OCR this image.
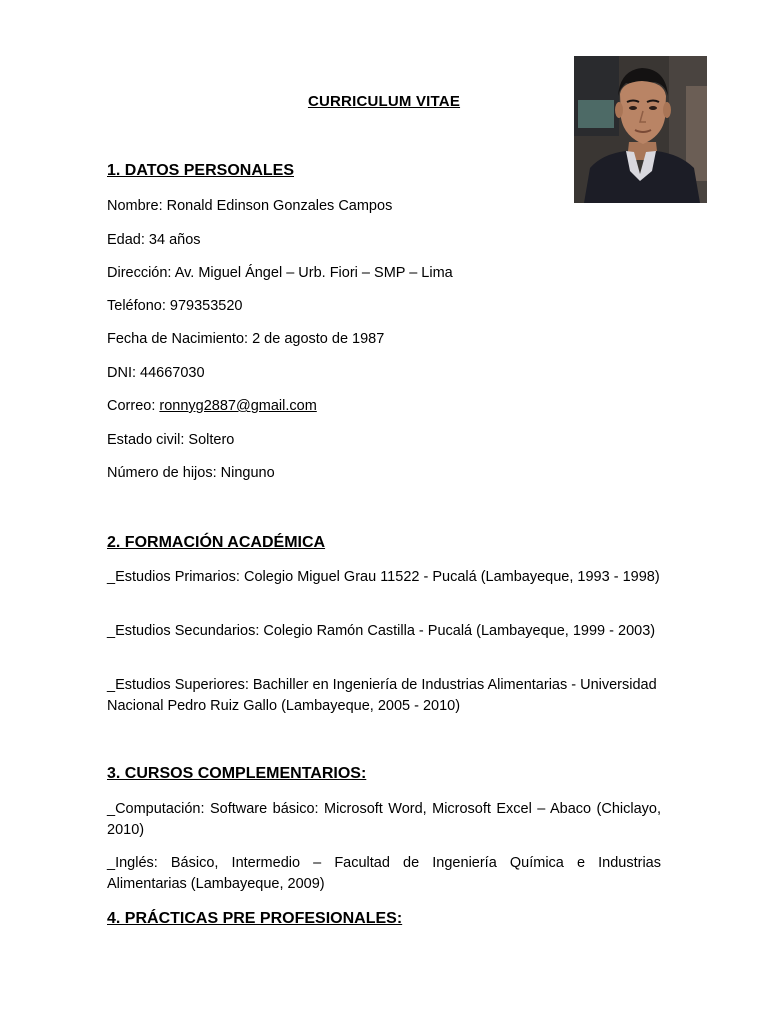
CURRICULUM VITAE
1. DATOS PERSONALES
Nombre: Ronald Edinson Gonzales Campos
Edad: 34 años
Dirección: Av. Miguel Ángel – Urb. Fiori – SMP – Lima
Teléfono: 979353520
Fecha de Nacimiento: 2 de agosto de 1987
DNI: 44667030
Correo: ronnyg2887@gmail.com
Estado civil: Soltero
Número de hijos: Ninguno
2. FORMACIÓN ACADÉMICA
_Estudios Primarios: Colegio Miguel Grau 11522 - Pucalá (Lambayeque, 1993 - 1998)
_Estudios Secundarios: Colegio Ramón Castilla - Pucalá (Lambayeque, 1999 - 2003)
_Estudios Superiores: Bachiller en Ingeniería de Industrias Alimentarias - Universidad Nacional Pedro Ruiz Gallo (Lambayeque, 2005 - 2010)
3. CURSOS COMPLEMENTARIOS:
_Computación: Software básico: Microsoft Word, Microsoft Excel – Abaco (Chiclayo, 2010)
_Inglés: Básico, Intermedio – Facultad de Ingeniería Química e Industrias Alimentarias (Lambayeque, 2009)
4. PRÁCTICAS PRE PROFESIONALES:
